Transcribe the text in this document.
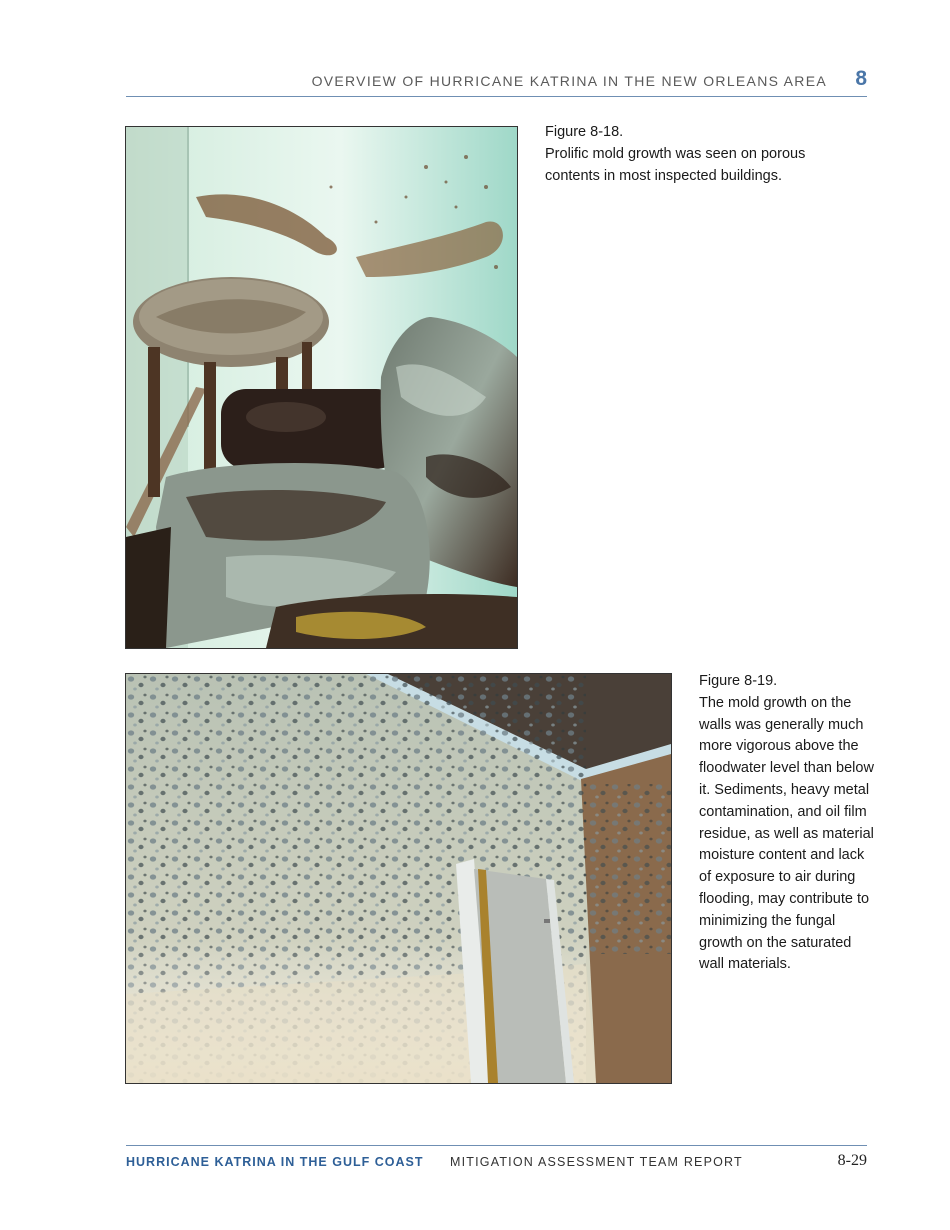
OVERVIEW OF HURRICANE KATRINA IN THE NEW ORLEANS AREA 8
Figure 8-18.
Prolific mold growth was seen on porous contents in most inspected buildings.
Figure 8-19.
The mold growth on the walls was generally much more vigorous above the floodwater level than below it. Sediments, heavy metal contamination, and oil film residue, as well as material moisture content and lack of exposure to air during flooding, may contribute to minimizing the fungal growth on the saturated wall materials.
HURRICANE KATRINA IN THE GULF COAST MITIGATION ASSESSMENT TEAM REPORT	8-29
